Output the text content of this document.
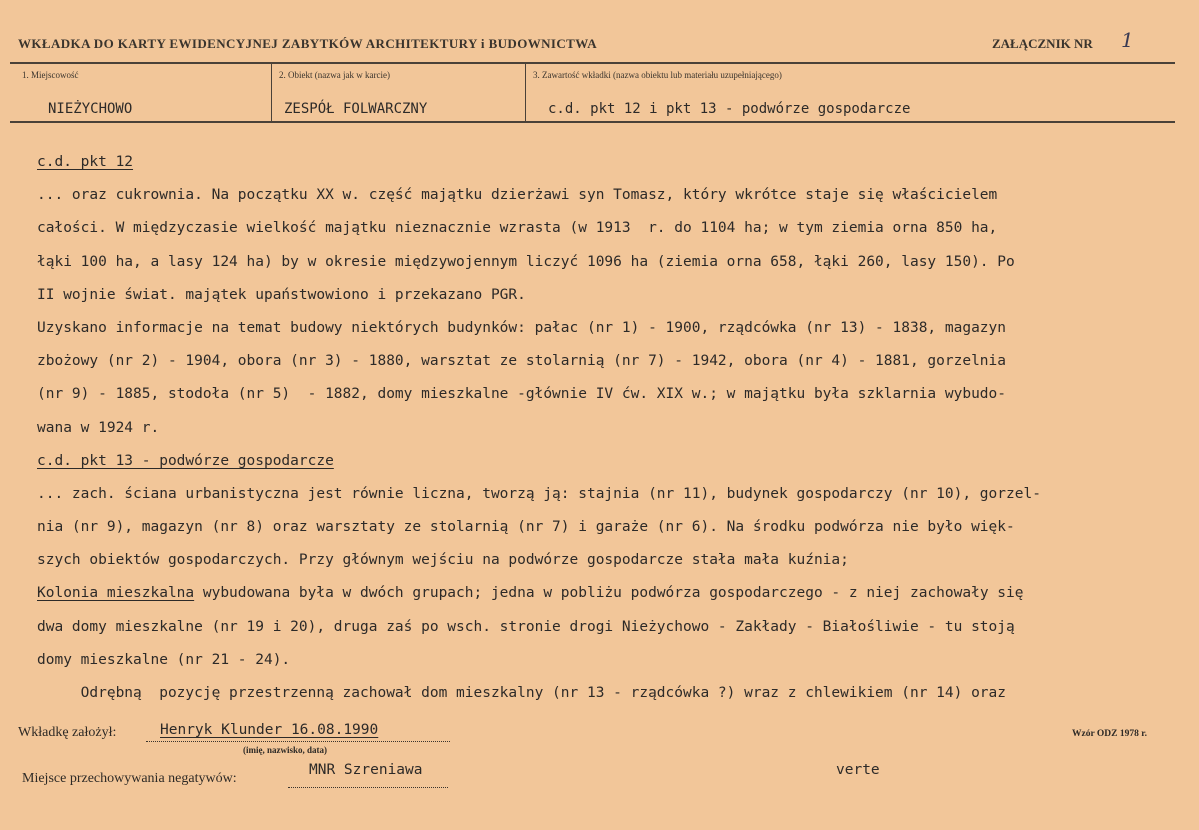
WKŁADKA DO KARTY EWIDENCYJNEJ ZABYTKÓW ARCHITEKTURY i BUDOWNICTWA	ZAŁĄCZNIK NR 1
1. Miejscowość
NIEŻYCHOWO
2. Obiekt (nazwa jak w karcie)
ZESPÓŁ FOLWARCZNY
3. Zawartość wkładki (nazwa obiektu lub materiału uzupełniającego)
c.d. pkt 12 i pkt 13 - podwórze gospodarcze
c.d. pkt 12
... oraz cukrownia. Na początku XX w. część majątku dzierżawi syn Tomasz, który wkrótce staje się właścicielem
całości. W międzyczasie wielkość majątku nieznacznie wzrasta (w 1913  r. do 1104 ha; w tym ziemia orna 850 ha,
łąki 100 ha, a lasy 124 ha) by w okresie międzywojennym liczyć 1096 ha (ziemia orna 658, łąki 260, lasy 150). Po
II wojnie świat. majątek upaństwowiono i przekazano PGR.
Uzyskano informacje na temat budowy niektórych budynków: pałac (nr 1) - 1900, rządcówka (nr 13) - 1838, magazyn
zbożowy (nr 2) - 1904, obora (nr 3) - 1880, warsztat ze stolarnią (nr 7) - 1942, obora (nr 4) - 1881, gorzelnia
(nr 9) - 1885, stodoła (nr 5)  - 1882, domy mieszkalne -głównie IV ćw. XIX w.; w majątku była szklarnia wybudo-
wana w 1924 r.
c.d. pkt 13 - podwórze gospodarcze
... zach. ściana urbanistyczna jest równie liczna, tworzą ją: stajnia (nr 11), budynek gospodarczy (nr 10), gorzel-
nia (nr 9), magazyn (nr 8) oraz warsztaty ze stolarnią (nr 7) i garaże (nr 6). Na środku podwórza nie było więk-
szych obiektów gospodarczych. Przy głównym wejściu na podwórze gospodarcze stała mała kuźnia;
Kolonia mieszkalna wybudowana była w dwóch grupach; jedna w pobliżu podwórza gospodarczego - z niej zachowały się
dwa domy mieszkalne (nr 19 i 20), druga zaś po wsch. stronie drogi Nieżychowo - Zakłady - Białośliwie - tu stoją
domy mieszkalne (nr 21 - 24).
Odrębną  pozycję przestrzenną zachował dom mieszkalny (nr 13 - rządcówka ?) wraz z chlewikiem (nr 14) oraz
Wkładkę założył:	Henryk Klunder 16.08.1990
(imię, nazwisko, data)
Wzór ODZ 1978 r.
Miejsce przechowywania negatywów:
MNR Szreniawa	verte
